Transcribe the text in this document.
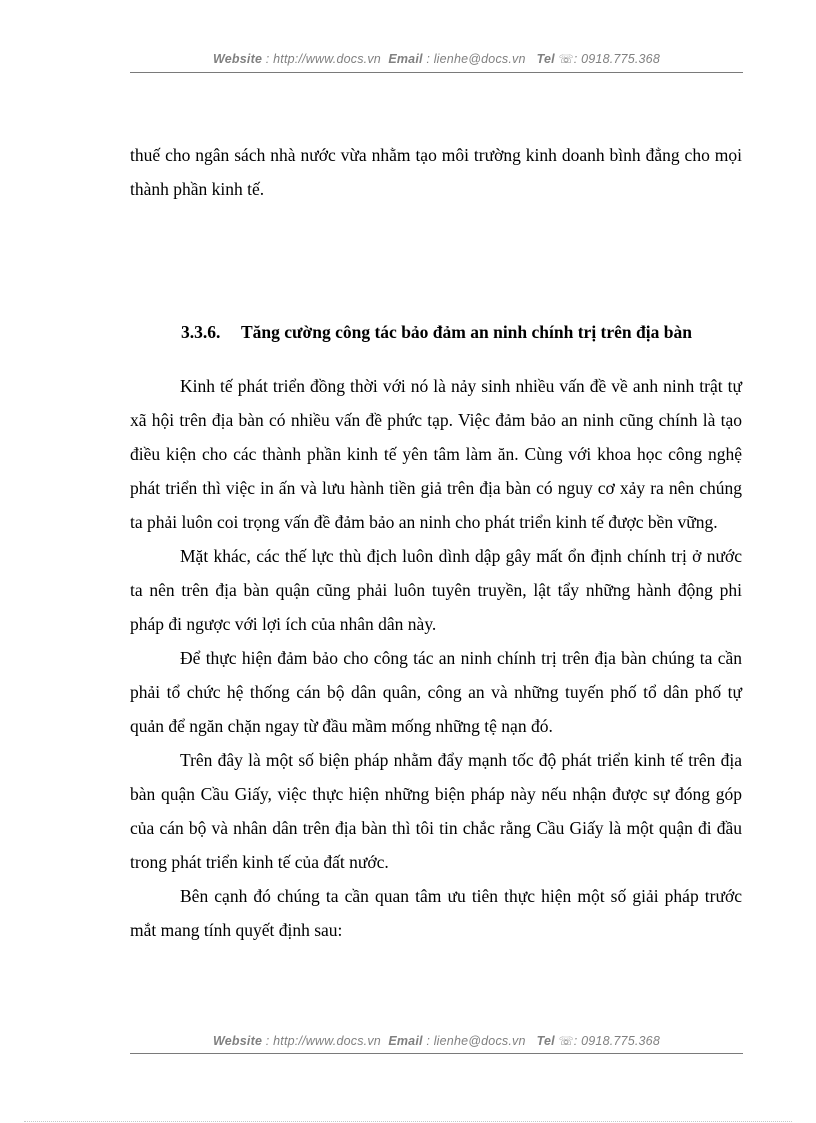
Website : http://www.docs.vn Email : lienhe@docs.vn Tel ☏: 0918.775.368

thuế cho ngân sách nhà nước vừa nhằm tạo môi trường kinh doanh bình đẳng cho mọi thành phần kinh tế.

3.3.6. Tăng cường công tác bảo đảm an ninh chính trị trên địa bàn

Kinh tế phát triển đồng thời với nó là nảy sinh nhiều vấn đề về anh ninh trật tự xã hội trên địa bàn có nhiều vấn đề phức tạp. Việc đảm bảo an ninh cũng chính là tạo điều kiện cho các thành phần kinh tế yên tâm làm ăn. Cùng với khoa học công nghệ phát triển thì việc in ấn và lưu hành tiền giả trên địa bàn có nguy cơ xảy ra nên chúng ta phải luôn coi trọng vấn đề đảm bảo an ninh cho phát triển kinh tế được bền vững.

Mặt khác, các thế lực thù địch luôn dình dập gây mất ổn định chính trị ở nước ta nên trên địa bàn quận cũng phải luôn tuyên truyền, lật tẩy những hành động phi pháp đi ngược với lợi ích của nhân dân này.

Để thực hiện đảm bảo cho công tác an ninh chính trị trên địa bàn chúng ta cần phải tổ chức hệ thống cán bộ dân quân, công an và những tuyến phố tổ dân phố tự quản để ngăn chặn ngay từ đầu mầm mống những tệ nạn đó.

Trên đây là một số biện pháp nhằm đẩy mạnh tốc độ phát triển kinh tế trên địa bàn quận Cầu Giấy, việc thực hiện những biện pháp này nếu nhận được sự đóng góp của cán bộ và nhân dân trên địa bàn thì tôi tin chắc rằng Cầu Giấy là một quận đi đầu trong phát triển kinh tế của đất nước.

Bên cạnh đó chúng ta cần quan tâm ưu tiên thực hiện một số giải pháp trước mắt mang tính quyết định sau:

Website : http://www.docs.vn Email : lienhe@docs.vn Tel ☏: 0918.775.368
